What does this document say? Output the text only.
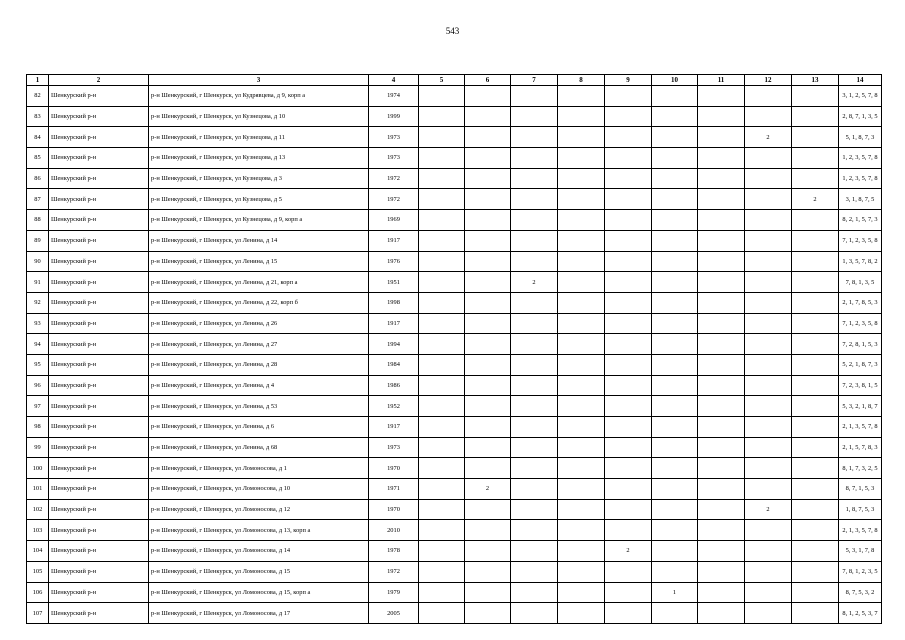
543
1	2	3	4	5	6	7	8	9	10	11	12	13	14
82	Шенкурский р-н	р-н Шенкурский, г Шенкурск, ул Кудрявцева, д 9, корп а	1974										3, 1, 2, 5, 7, 8
83	Шенкурский р-н	р-н Шенкурский, г Шенкурск, ул Кузнецова, д 10	1999										2, 8, 7, 1, 3, 5
84	Шенкурский р-н	р-н Шенкурский, г Шенкурск, ул Кузнецова, д 11	1973								2		5, 1, 8, 7, 3
85	Шенкурский р-н	р-н Шенкурский, г Шенкурск, ул Кузнецова, д 13	1973										1, 2, 3, 5, 7, 8
86	Шенкурский р-н	р-н Шенкурский, г Шенкурск, ул Кузнецова, д 3	1972										1, 2, 3, 5, 7, 8
87	Шенкурский р-н	р-н Шенкурский, г Шенкурск, ул Кузнецова, д 5	1972									2	3, 1, 8, 7, 5
88	Шенкурский р-н	р-н Шенкурский, г Шенкурск, ул Кузнецова, д 9, корп а	1969										8, 2, 1, 5, 7, 3
89	Шенкурский р-н	р-н Шенкурский, г Шенкурск, ул Ленина, д 14	1917										7, 1, 2, 3, 5, 8
90	Шенкурский р-н	р-н Шенкурский, г Шенкурск, ул Ленина, д 15	1976										1, 3, 5, 7, 8, 2
91	Шенкурский р-н	р-н Шенкурский, г Шенкурск, ул Ленина, д 21, корп а	1951			2							7, 8, 1, 3, 5
92	Шенкурский р-н	р-н Шенкурский, г Шенкурск, ул Ленина, д 22, корп б	1998										2, 1, 7, 8, 5, 3
93	Шенкурский р-н	р-н Шенкурский, г Шенкурск, ул Ленина, д 26	1917										7, 1, 2, 3, 5, 8
94	Шенкурский р-н	р-н Шенкурский, г Шенкурск, ул Ленина, д 27	1994										7, 2, 8, 1, 5, 3
95	Шенкурский р-н	р-н Шенкурский, г Шенкурск, ул Ленина, д 28	1984										5, 2, 1, 8, 7, 3
96	Шенкурский р-н	р-н Шенкурский, г Шенкурск, ул Ленина, д 4	1986										7, 2, 3, 8, 1, 5
97	Шенкурский р-н	р-н Шенкурский, г Шенкурск, ул Ленина, д 53	1952										5, 3, 2, 1, 8, 7
98	Шенкурский р-н	р-н Шенкурский, г Шенкурск, ул Ленина, д 6	1917										2, 1, 3, 5, 7, 8
99	Шенкурский р-н	р-н Шенкурский, г Шенкурск, ул Ленина, д 68	1973										2, 1, 5, 7, 8, 3
100	Шенкурский р-н	р-н Шенкурский, г Шенкурск, ул Ломоносова, д 1	1970										8, 1, 7, 3, 2, 5
101	Шенкурский р-н	р-н Шенкурский, г Шенкурск, ул Ломоносова, д 10	1971		2								8, 7, 1, 5, 3
102	Шенкурский р-н	р-н Шенкурский, г Шенкурск, ул Ломоносова, д 12	1970								2		1, 8, 7, 5, 3
103	Шенкурский р-н	р-н Шенкурский, г Шенкурск, ул Ломоносова, д 13, корп а	2010										2, 1, 3, 5, 7, 8
104	Шенкурский р-н	р-н Шенкурский, г Шенкурск, ул Ломоносова, д 14	1978					2					5, 3, 1, 7, 8
105	Шенкурский р-н	р-н Шенкурский, г Шенкурск, ул Ломоносова, д 15	1972										7, 8, 1, 2, 3, 5
106	Шенкурский р-н	р-н Шенкурский, г Шенкурск, ул Ломоносова, д 15, корп а	1979						1				8, 7, 5, 3, 2
107	Шенкурский р-н	р-н Шенкурский, г Шенкурск, ул Ломоносова, д 17	2005										8, 1, 2, 5, 3, 7
